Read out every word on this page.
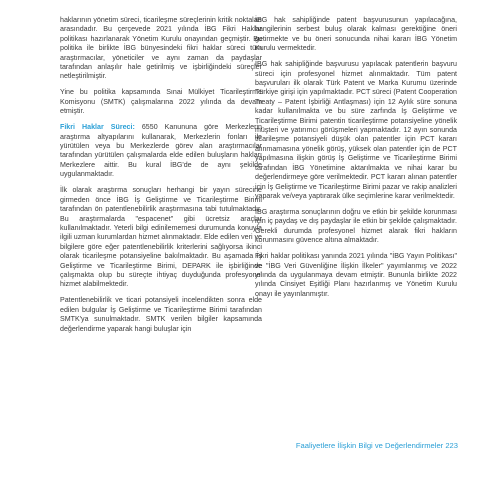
haklarının yönetim süreci, ticarileşme süreçlerinin kritik noktaları arasındadır. Bu çerçevede 2021 yılında İBG Fikri Haklar politikası hazırlanarak Yönetim Kurulu onayından geçmiştir. Bu politika ile birlikte İBG bünyesindeki fikri haklar süreci tüm araştırmacılar, yöneticiler ve aynı zaman da paydaşlar tarafından anlaşılır hale getirilmiş ve işbirliğindeki süreçler netleştirilmiştir.

Yine bu politika kapsamında Sınai Mülkiyet Ticarileştirme Komisyonu (SMTK) çalışmalarına 2022 yılında da devam etmiştir.

Fikri Haklar Süreci: 6550 Kanununa göre Merkezlerin araştırma altyapılarını kullanarak, Merkezlerin fonları ile yürütülen veya bu Merkezlerde görev alan araştırmacılar tarafından yürütülen çalışmalarda elde edilen buluşların hakları Merkezlere aittir. Bu kural İBG'de de aynı şekilde uygulanmaktadır.

İlk olarak araştırma sonuçları herhangi bir yayın sürecine girmeden önce İBG İş Geliştirme ve Ticarileştirme Birimi tarafından ön patentlenebilirlik araştırmasına tabi tutulmaktadır. Bu araştırmalarda "espacenet" gibi ücretsiz araçlar kullanılmaktadır. Yeterli bilgi edinilememesi durumunda konuyla ilgili uzman kurumlardan hizmet alınmaktadır. Elde edilen veri ve bilgilere göre eğer patentlenebilirlik kriterlerini sağlıyorsa ikinci olarak ticarileşme potansiyeline bakılmaktadır. Bu aşamada İş Geliştirme ve Ticarileştirme Birimi, DEPARK ile işbirliğinde çalışmakta olup bu süreçte ihtiyaç duyduğunda profesyonel hizmet alabilmektedir.

Patentlenebilirlik ve ticari potansiyeli incelendikten sonra elde edilen bulgular İş Geliştirme ve Ticarileştirme Birimi tarafından SMTK'ya sunulmaktadır. SMTK verilen bilgiler kapsamında değerlendirme yaparak hangi buluşlar için

İBG hak sahipliğinde patent başvurusunun yapılacağına, hangilerinin serbest buluş olarak kalması gerektiğine öneri getirmekte ve bu öneri sonucunda nihai kararı İBG Yönetim Kurulu vermektedir.

İBG hak sahipliğinde başvurusu yapılacak patentlerin başvuru süreci için profesyonel hizmet alınmaktadır. Tüm patent başvuruları ilk olarak Türk Patent ve Marka Kurumu üzerinde Türkiye girişi için yapılmaktadır. PCT süreci (Patent Cooperation Treaty – Patent İşbirliği Antlaşması) için 12 Aylık süre sonuna kadar kullanılmakta ve bu süre zarfında İş Geliştirme ve Ticarileştirme Birimi patentin ticarileştirme potansiyeline yönelik müşteri ve yatırımcı görüşmeleri yapmaktadır. 12 ayın sonunda ticarileşme potansiyeli düşük olan patentler için PCT kararı alınmamasına yönelik görüş, yüksek olan patentler için de PCT yapılmasına ilişkin görüş İş Geliştirme ve Ticarileştirme Birimi tarafından İBG Yönetimine aktarılmakta ve nihai karar bu değerlendirmeye göre verilmektedir. PCT kararı alınan patentler için İş Geliştirme ve Ticarileştirme Birimi pazar ve rakip analizleri yaparak ve/veya yaptırarak ülke seçimlerine karar verilmektedir.

İBG araştırma sonuçlarının doğru ve etkin bir şekilde korunması için iç paydaş ve dış paydaşlar ile etkin bir şekilde çalışmaktadır. Gerekli durumda profesyonel hizmet alarak fikri hakların korunmasını güvence altına almaktadır.

Fikri haklar politikası yanında 2021 yılında "İBG Yayın Politikası" ve "İBG Veri Güvenliğine İlişkin İlkeler" yayımlanmış ve 2022 yılında da uygulanmaya devam etmiştir. Bununla birlikte 2022 yılında Cinsiyet Eşitliği Planı hazırlanmış ve Yönetim Kurulu onayı ile yayınlanmıştır.

Faaliyetlere İlişkin Bilgi ve Değerlendirmeler 223
